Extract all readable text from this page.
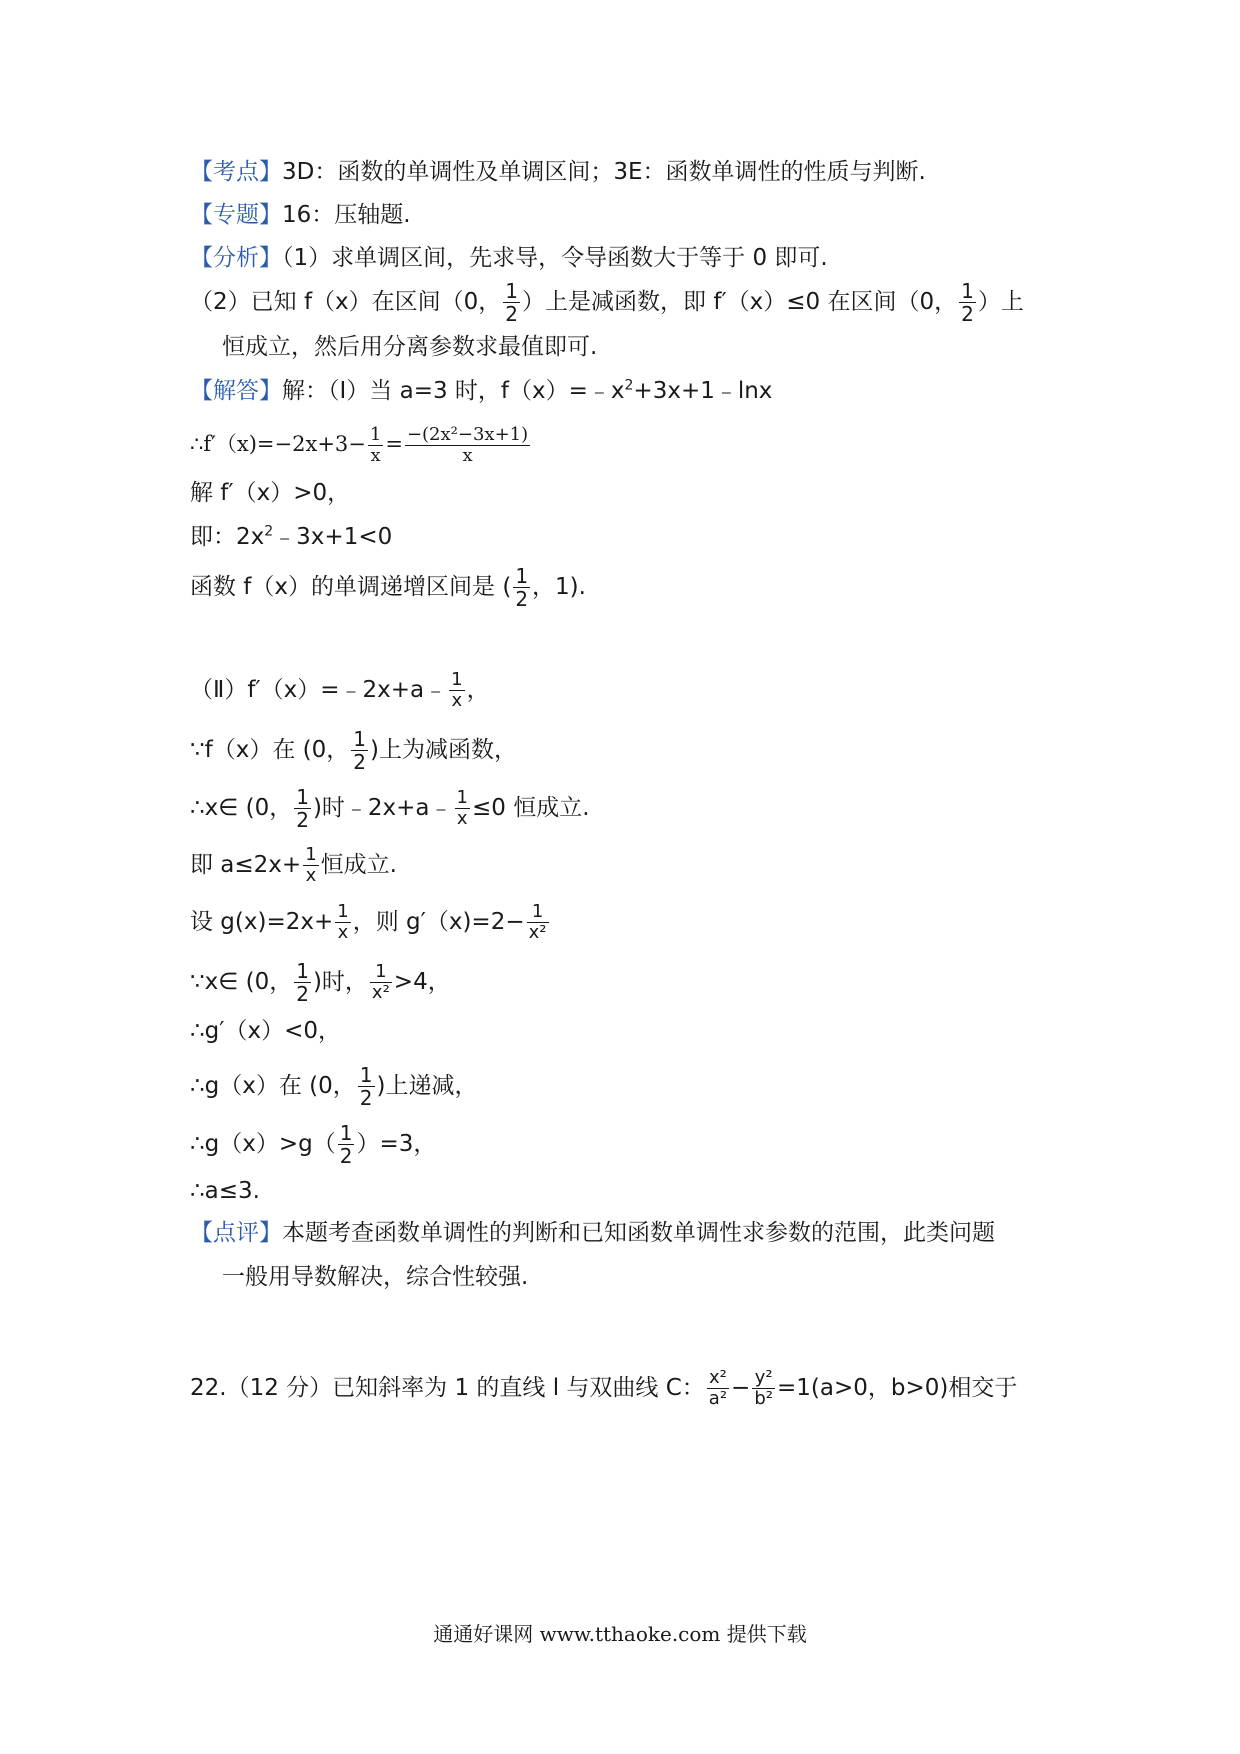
【考点】3D：函数的单调性及单调区间；3E：函数单调性的性质与判断.
【专题】16：压轴题.
【分析】（1）求单调区间，先求导，令导函数大于等于 0 即可.
（2）已知 f（x）在区间（0， $\frac{1}{2}$ ）上是减函数，即 f′（x）≤0 在区间（0， $\frac{1}{2}$ ）上
恒成立，然后用分离参数求最值即可.
【解答】解：（Ⅰ）当 a=3 时，$f(x)=﹣x^2+3x+1﹣\ln x$
∴f′（x)=−2x+3− $\frac{1}{x} = \frac{\text{−(2x²−3x+1)}}{x}$
解 f′（x）>0，
即：$2x^2﹣3x+1<0$
函数 f（x）的单调递增区间是 ( $\frac{1}{2}$ ，1).
（Ⅱ）f′（x）=﹣2x+a﹣ $\frac{1}{x}$ ，
∵f（x）在 (0， $\frac{1}{2}$ )上为减函数，
∴x∈ (0， $\frac{1}{2}$ )时﹣2x+a﹣ $\frac{1}{x} \le 0$ 恒成立.
即 $a\le 2x+ \frac{1}{x}$ 恒成立.
设 $g(x)=2x+ \frac{1}{x}$ ，则 $g'(x)=2- \frac{1}{\text{x²}}$
∵x∈ (0， $\frac{1}{2}$ )时， $\frac{1}{\text{x²}} >4$，
∴g′（x）<0，
∴g（x）在 (0， $\frac{1}{2}$ )上递减，
∴g（x）>g（ $\frac{1}{2} )=3$，
∴a≤3.
【点评】本题考查函数单调性的判断和已知函数单调性求参数的范围，此类问题
一般用导数解决，综合性较强.
22.（12 分）已知斜率为 1 的直线 l 与双曲线 C： $\frac{\text{x²}}{\text{a²}} - \frac{\text{y²}}{\text{b²}} =1(a>0$，b>0)相交于
通通好课网 www.tthaoke.com 提供下载
